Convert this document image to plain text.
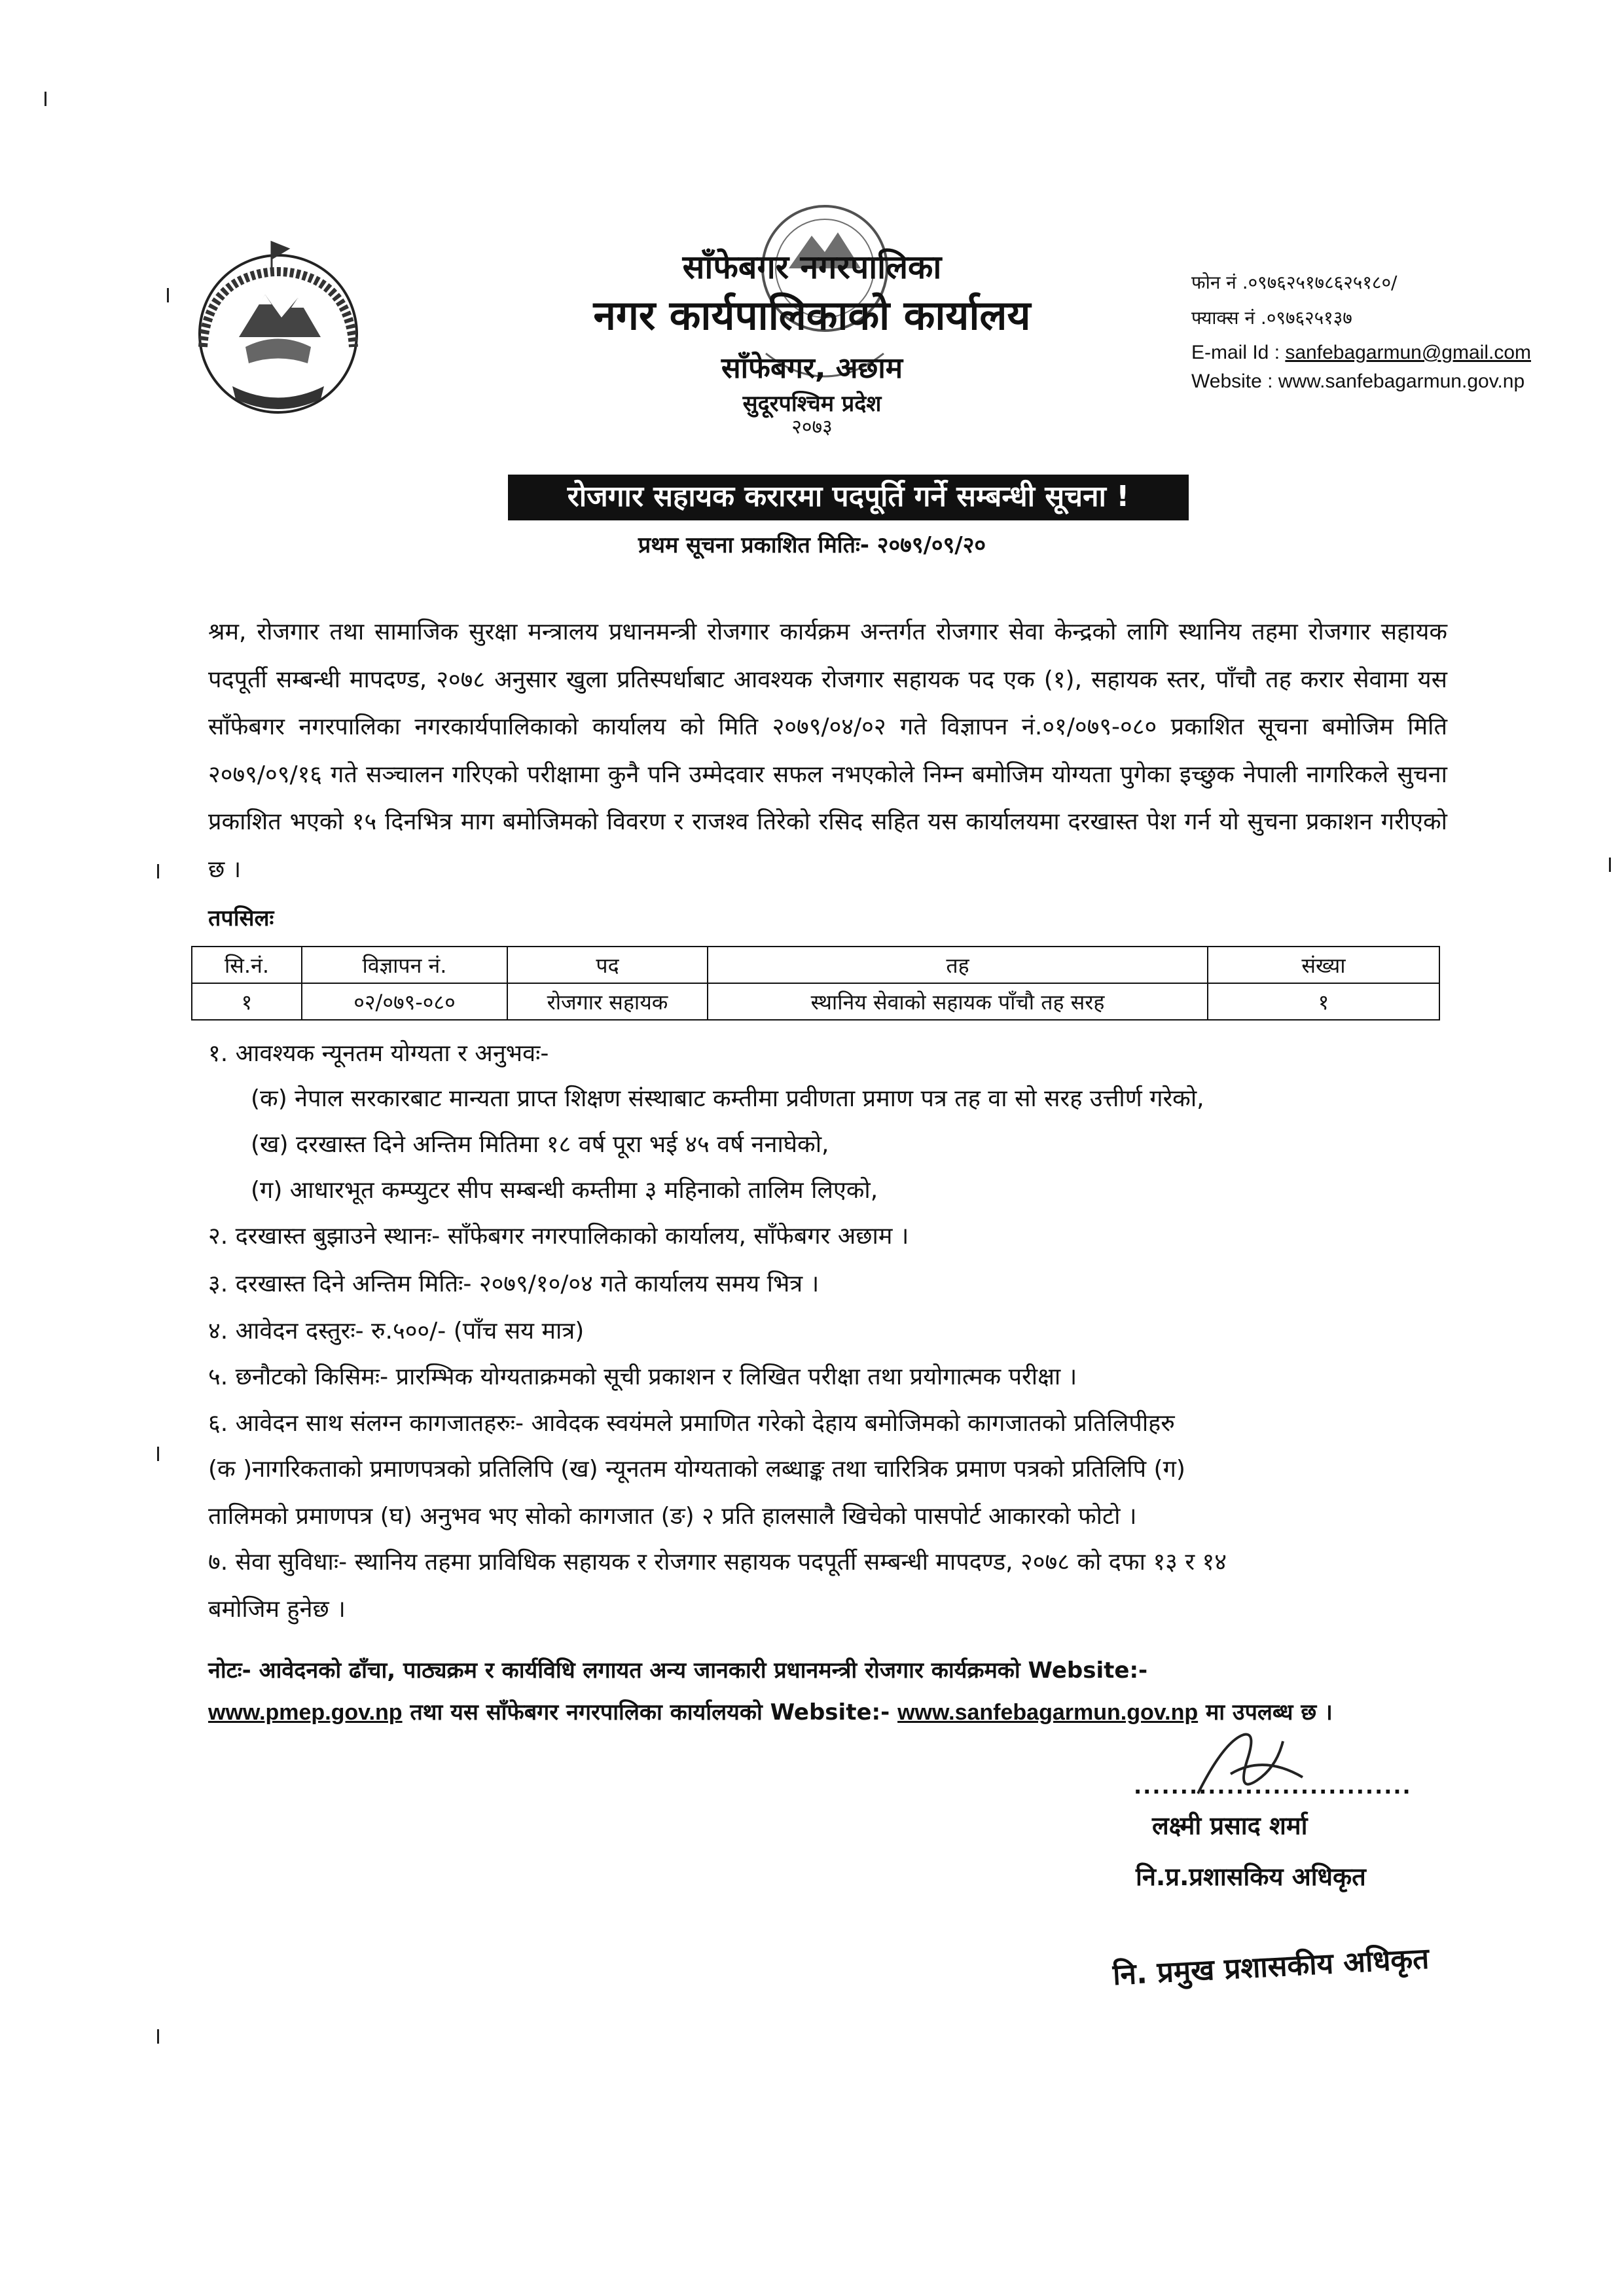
साँफेबगर नगरपालिका
नगर कार्यपालिकाको कार्यालय
साँफेबगर, अछाम
सुदूरपश्चिम प्रदेश
२०७३
फोन नं .०९७६२५१७८६२५१८०/
फ्याक्स नं .०९७६२५१३७
E-mail Id : sanfebagarmun@gmail.com
Website : www.sanfebagarmun.gov.np
रोजगार सहायक करारमा पदपूर्ति गर्ने सम्बन्धी सूचना !
प्रथम सूचना प्रकाशित मितिः- २०७९/०९/२०
श्रम, रोजगार तथा सामाजिक सुरक्षा मन्त्रालय प्रधानमन्त्री रोजगार कार्यक्रम अन्तर्गत रोजगार सेवा केन्द्रको लागि स्थानिय तहमा रोजगार सहायक पदपूर्ती सम्बन्धी मापदण्ड, २०७८ अनुसार खुला प्रतिस्पर्धाबाट आवश्यक रोजगार सहायक पद एक (१), सहायक स्तर, पाँचौ तह करार सेवामा यस साँफेबगर नगरपालिका नगरकार्यपालिकाको कार्यालय को मिति २०७९/०४/०२ गते विज्ञापन नं.०१/०७९-०८० प्रकाशित सूचना बमोजिम मिति २०७९/०९/१६ गते सञ्चालन गरिएको परीक्षामा कुनै पनि उम्मेदवार सफल नभएकोले निम्न बमोजिम योग्यता पुगेका इच्छुक नेपाली नागरिकले सुचना प्रकाशित भएको १५ दिनभित्र माग बमोजिमको विवरण र राजश्व तिरेको रसिद सहित यस कार्यालयमा दरखास्त पेश गर्न यो सुचना प्रकाशन गरीएको छ ।
तपसिलः
सि.नं.	विज्ञापन नं.	पद	तह	संख्या
१	०२/०७९-०८०	रोजगार सहायक	स्थानिय सेवाको सहायक पाँचौ तह सरह	१
१. आवश्यक न्यूनतम योग्यता र अनुभवः-
(क) नेपाल सरकारबाट मान्यता प्राप्त शिक्षण संस्थाबाट कम्तीमा प्रवीणता प्रमाण पत्र तह वा सो सरह उत्तीर्ण गरेको,
(ख) दरखास्त दिने अन्तिम मितिमा १८ वर्ष पूरा भई ४५ वर्ष ननाघेको,
(ग) आधारभूत कम्प्युटर सीप सम्बन्धी कम्तीमा ३ महिनाको तालिम लिएको,
२. दरखास्त बुझाउने स्थानः- साँफेबगर नगरपालिकाको कार्यालय, साँफेबगर अछाम ।
३. दरखास्त दिने अन्तिम मितिः- २०७९/१०/०४ गते कार्यालय समय भित्र ।
४. आवेदन दस्तुरः- रु.५००/- (पाँच सय मात्र)
५. छनौटको किसिमः- प्रारम्भिक योग्यताक्रमको सूची प्रकाशन र लिखित परीक्षा तथा प्रयोगात्मक परीक्षा ।
६. आवेदन साथ संलग्न कागजातहरुः- आवेदक स्वयंमले प्रमाणित गरेको देहाय बमोजिमको कागजातको प्रतिलिपीहरु
(क )नागरिकताको प्रमाणपत्रको प्रतिलिपि (ख) न्यूनतम योग्यताको लब्धाङ्क तथा चारित्रिक प्रमाण पत्रको प्रतिलिपि (ग)
तालिमको प्रमाणपत्र (घ) अनुभव भए सोको कागजात (ङ) २ प्रति हालसालै खिचेको पासपोर्ट आकारको फोटो ।
७. सेवा सुविधाः- स्थानिय तहमा प्राविधिक सहायक र रोजगार सहायक पदपूर्ती सम्बन्धी मापदण्ड, २०७८ को दफा १३ र १४
बमोजिम हुनेछ ।
नोटः- आवेदनको ढाँचा, पाठ्यक्रम र कार्यविधि लगायत अन्य जानकारी प्रधानमन्त्री रोजगार कार्यक्रमको Website:-
www.pmep.gov.np तथा यस साँफेबगर नगरपालिका कार्यालयको Website:- www.sanfebagarmun.gov.np मा उपलब्ध छ ।
..............................
लक्ष्मी प्रसाद शर्मा
नि.प्र.प्रशासकिय अधिकृत
नि. प्रमुख प्रशासकीय अधिकृत
